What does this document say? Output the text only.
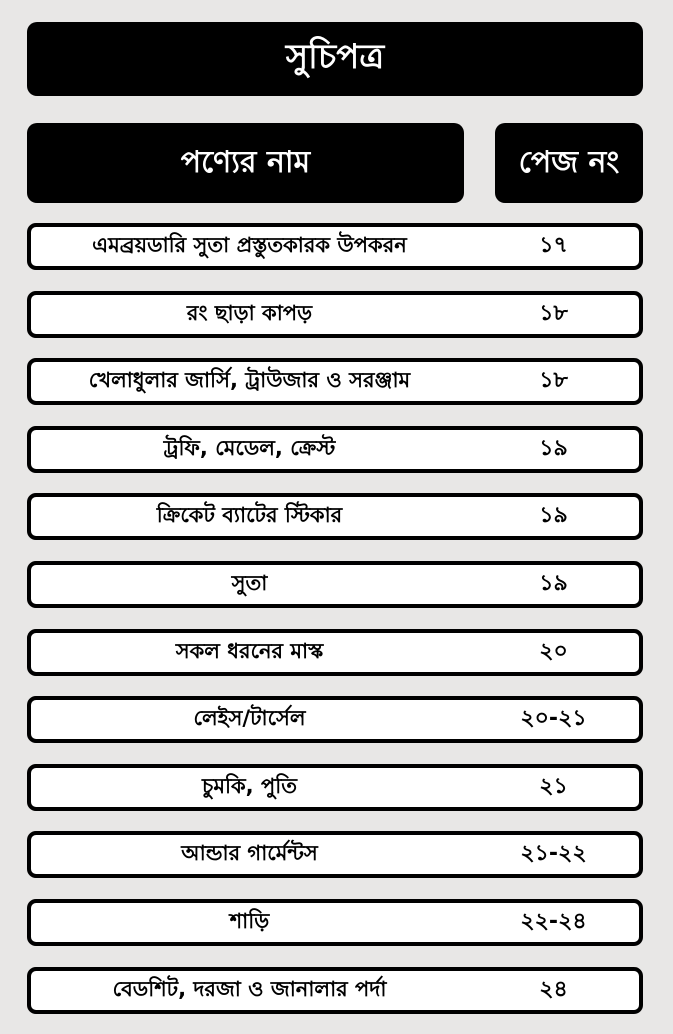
সুচিপত্র
পণ্যের নাম	পেজ নং
এমব্রয়ডারি সুতা প্রস্তুতকারক উপকরন	১৭
রং ছাড়া কাপড়	১৮
খেলাধুলার জার্সি, ট্রাউজার ও সরঞ্জাম	১৮
ট্রফি, মেডেল, ক্রেস্ট	১৯
ক্রিকেট ব্যাটের স্টিকার	১৯
সুতা	১৯
সকল ধরনের মাস্ক	২০
লেইস/টার্সেল	২০-২১
চুমকি, পুতি	২১
আন্ডার গার্মেন্টস	২১-২২
শাড়ি	২২-২৪
বেডশিট, দরজা ও জানালার পর্দা	২৪
